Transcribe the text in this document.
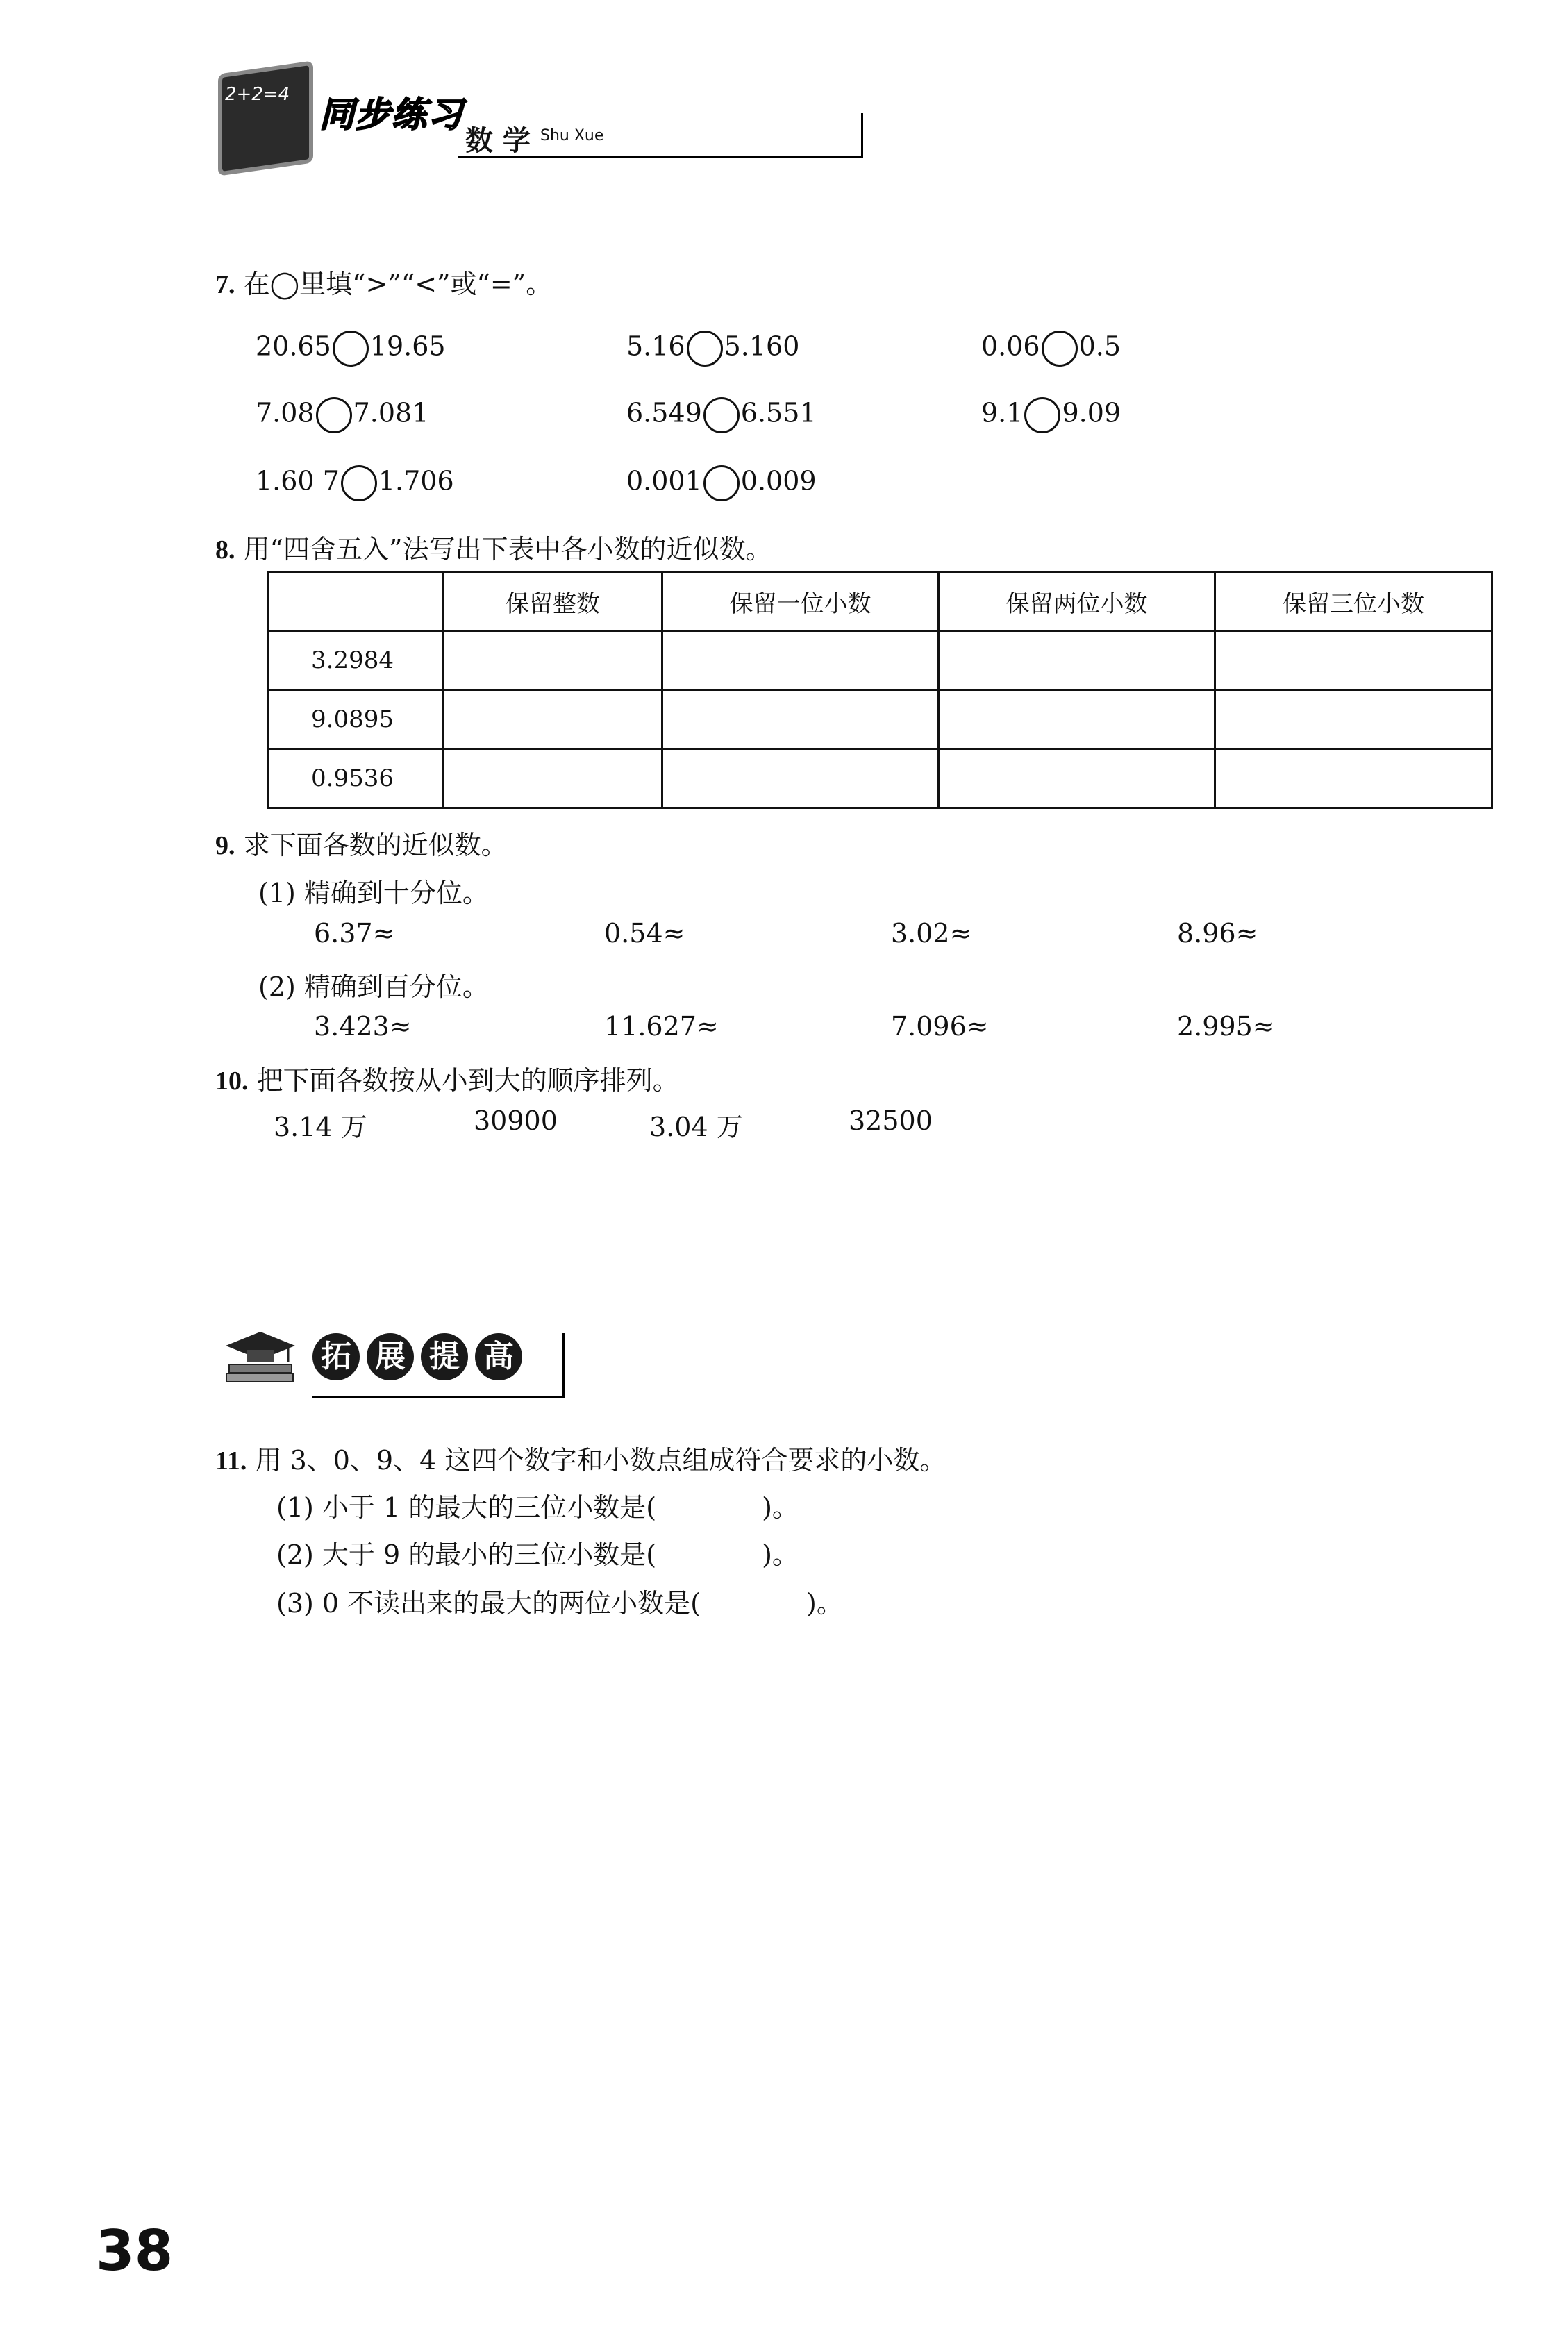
2+2=4 同步练习
数 学 Shu Xue
7. 在◯里填“>”“<”或“=”。
20.65 19.65	5.16 5.160	0.06 0.5
7.08 7.081	6.549 6.551	9.1 9.09
1.60 7 1.706	0.001 0.009
8. 用“四舍五入”法写出下表中各小数的近似数。
	保留整数	保留一位小数	保留两位小数	保留三位小数
3.2984				
9.0895				
0.9536				
9. 求下面各数的近似数。
(1) 精确到十分位。
6.37≈	0.54≈	3.02≈	8.96≈
(2) 精确到百分位。
3.423≈	11.627≈	7.096≈	2.995≈
10. 把下面各数按从小到大的顺序排列。
3.14 万	30900	3.04 万	32500
拓 展 提 高
11. 用 3、0、9、4 这四个数字和小数点组成符合要求的小数。
(1) 小于 1 的最大的三位小数是(　　　　)。
(2) 大于 9 的最小的三位小数是(　　　　)。
(3) 0 不读出来的最大的两位小数是(　　　　)。
38
